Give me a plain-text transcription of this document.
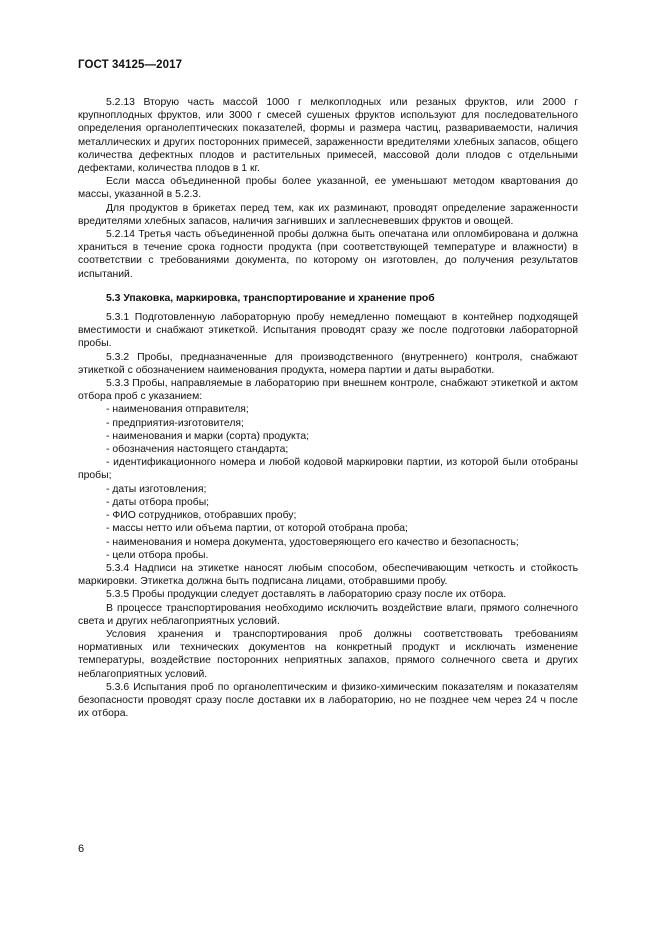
ГОСТ 34125—2017

5.2.13 Вторую часть массой 1000 г мелкоплодных или резаных фруктов, или 2000 г крупноплодных фруктов, или 3000 г смесей сушеных фруктов используют для последовательного определения органолептических показателей, формы и размера частиц, развариваемости, наличия металлических и других посторонних примесей, зараженности вредителями хлебных запасов, общего количества дефектных плодов и растительных примесей, массовой доли плодов с отдельными дефектами, количества плодов в 1 кг.

Если масса объединенной пробы более указанной, ее уменьшают методом квартования до массы, указанной в 5.2.3.

Для продуктов в брикетах перед тем, как их разминают, проводят определение зараженности вредителями хлебных запасов, наличия загнивших и заплесневевших фруктов и овощей.

5.2.14 Третья часть объединенной пробы должна быть опечатана или опломбирована и должна храниться в течение срока годности продукта (при соответствующей температуре и влажности) в соответствии с требованиями документа, по которому он изготовлен, до получения результатов испытаний.

5.3 Упаковка, маркировка, транспортирование и хранение проб

5.3.1 Подготовленную лабораторную пробу немедленно помещают в контейнер подходящей вместимости и снабжают этикеткой. Испытания проводят сразу же после подготовки лабораторной пробы.

5.3.2 Пробы, предназначенные для производственного (внутреннего) контроля, снабжают этикеткой с обозначением наименования продукта, номера партии и даты выработки.

5.3.3 Пробы, направляемые в лабораторию при внешнем контроле, снабжают этикеткой и актом отбора проб с указанием:

- наименования отправителя;

- предприятия-изготовителя;

- наименования и марки (сорта) продукта;

- обозначения настоящего стандарта;

- идентификационного номера и любой кодовой маркировки партии, из которой были отобраны пробы;

- даты изготовления;

- даты отбора пробы;

- ФИО сотрудников, отобравших пробу;

- массы нетто или объема партии, от которой отобрана проба;

- наименования и номера документа, удостоверяющего его качество и безопасность;

- цели отбора пробы.

5.3.4 Надписи на этикетке наносят любым способом, обеспечивающим четкость и стойкость маркировки. Этикетка должна быть подписана лицами, отобравшими пробу.

5.3.5 Пробы продукции следует доставлять в лабораторию сразу после их отбора.

В процессе транспортирования необходимо исключить воздействие влаги, прямого солнечного света и других неблагоприятных условий.

Условия хранения и транспортирования проб должны соответствовать требованиям нормативных или технических документов на конкретный продукт и исключать изменение температуры, воздействие посторонних неприятных запахов, прямого солнечного света и других неблагоприятных условий.

5.3.6 Испытания проб по органолептическим и физико-химическим показателям и показателям безопасности проводят сразу после доставки их в лабораторию, но не позднее чем через 24 ч после их отбора.

6
